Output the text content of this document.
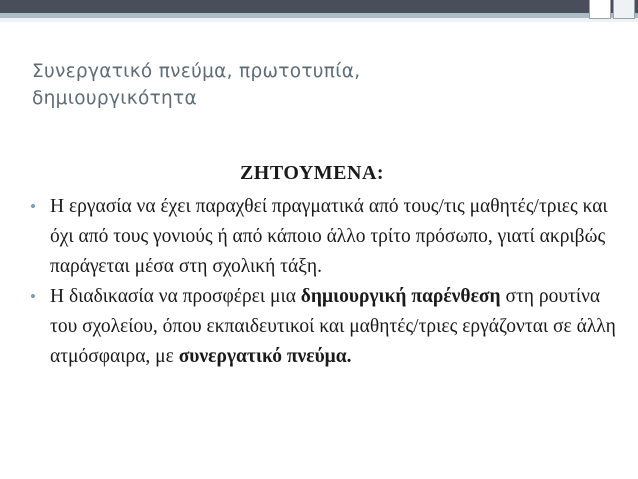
Συνεργατικό πνεύμα, πρωτοτυπία, δημιουργικότητα
ΖΗΤΟΥΜΕΝΑ:
• Η εργασία να έχει παραχθεί πραγματικά από τους/τις μαθητές/τριες και όχι από τους γονιούς ή από κάποιο άλλο τρίτο πρόσωπο, γιατί ακριβώς παράγεται μέσα στη σχολική τάξη.
• Η διαδικασία να προσφέρει μια δημιουργική παρένθεση στη ρουτίνα του σχολείου, όπου εκπαιδευτικοί και μαθητές/τριες εργάζονται σε άλλη ατμόσφαιρα, με συνεργατικό πνεύμα.
